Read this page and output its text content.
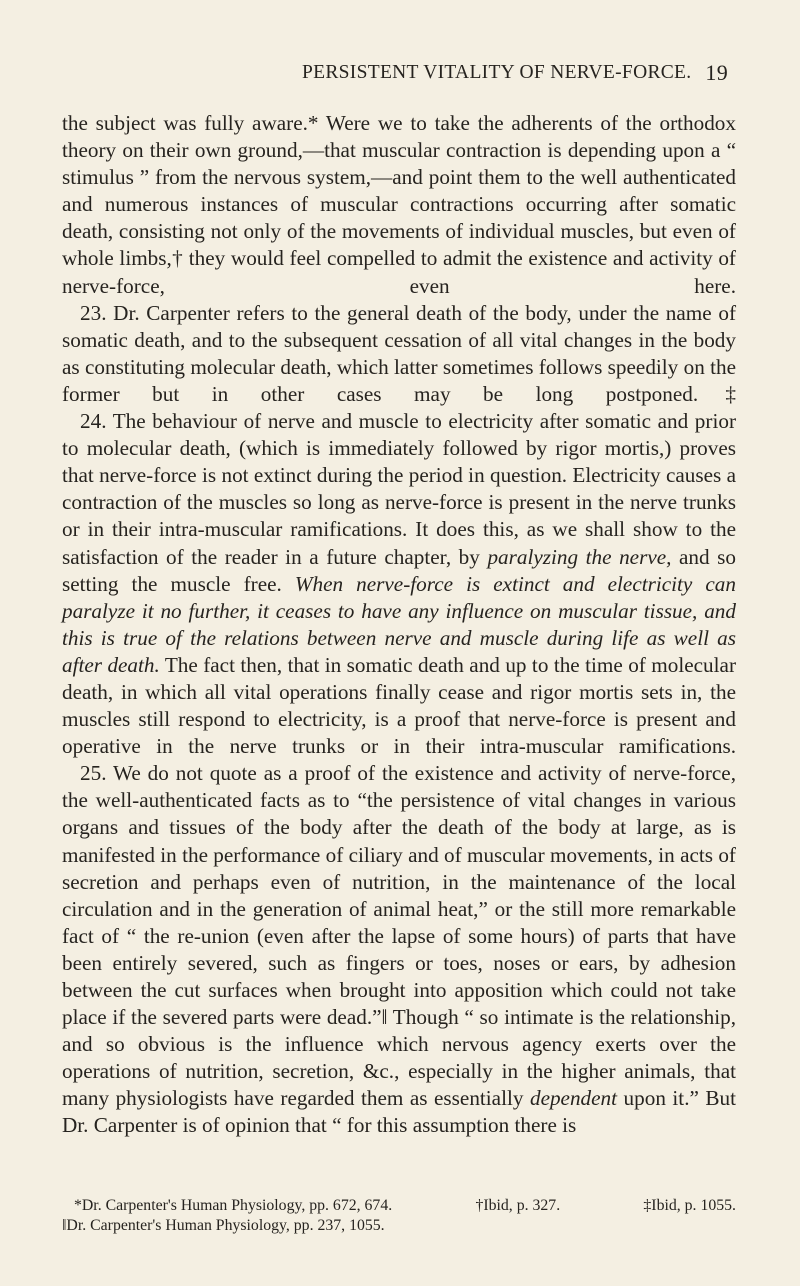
PERSISTENT VITALITY OF NERVE-FORCE. 19

the subject was fully aware.* Were we to take the adherents of the orthodox theory on their own ground,—that muscular contraction is depending upon a “ stimulus ” from the nervous system,—and point them to the well authenticated and numerous instances of muscular contractions occurring after somatic death, consisting not only of the movements of individual muscles, but even of whole limbs,† they would feel compelled to admit the existence and activity of nerve-force, even here.

23. Dr. Carpenter refers to the general death of the body, under the name of somatic death, and to the subsequent cessation of all vital changes in the body as constituting molecular death, which latter sometimes follows speedily on the former but in other cases may be long postponed.‡

24. The behaviour of nerve and muscle to electricity after somatic and prior to molecular death, (which is immediately followed by rigor mortis,) proves that nerve-force is not extinct during the period in question. Electricity causes a contraction of the muscles so long as nerve-force is present in the nerve trunks or in their intra-muscular ramifications. It does this, as we shall show to the satisfaction of the reader in a future chapter, by paralyzing the nerve, and so setting the muscle free. When nerve-force is extinct and electricity can paralyze it no further, it ceases to have any influence on muscular tissue, and this is true of the relations between nerve and muscle during life as well as after death. The fact then, that in somatic death and up to the time of molecular death, in which all vital operations finally cease and rigor mortis sets in, the muscles still respond to electricity, is a proof that nerve-force is present and operative in the nerve trunks or in their intra-muscular ramifications.

25. We do not quote as a proof of the existence and activity of nerve-force, the well-authenticated facts as to “the persistence of vital changes in various organs and tissues of the body after the death of the body at large, as is manifested in the performance of ciliary and of muscular movements, in acts of secretion and perhaps even of nutrition, in the maintenance of the local circulation and in the generation of animal heat,” or the still more remarkable fact of “ the re-union (even after the lapse of some hours) of parts that have been entirely severed, such as fingers or toes, noses or ears, by adhesion between the cut surfaces when brought into apposition which could not take place if the severed parts were dead.”‖ Though “ so intimate is the relationship, and so obvious is the influence which nervous agency exerts over the operations of nutrition, secretion, &c., especially in the higher animals, that many physiologists have regarded them as essentially dependent upon it.” But Dr. Carpenter is of opinion that “ for this assumption there is

*Dr. Carpenter's Human Physiology, pp. 672, 674.	†Ibid, p. 327.	‡Ibid, p. 1055.
‖Dr. Carpenter's Human Physiology, pp. 237, 1055.
